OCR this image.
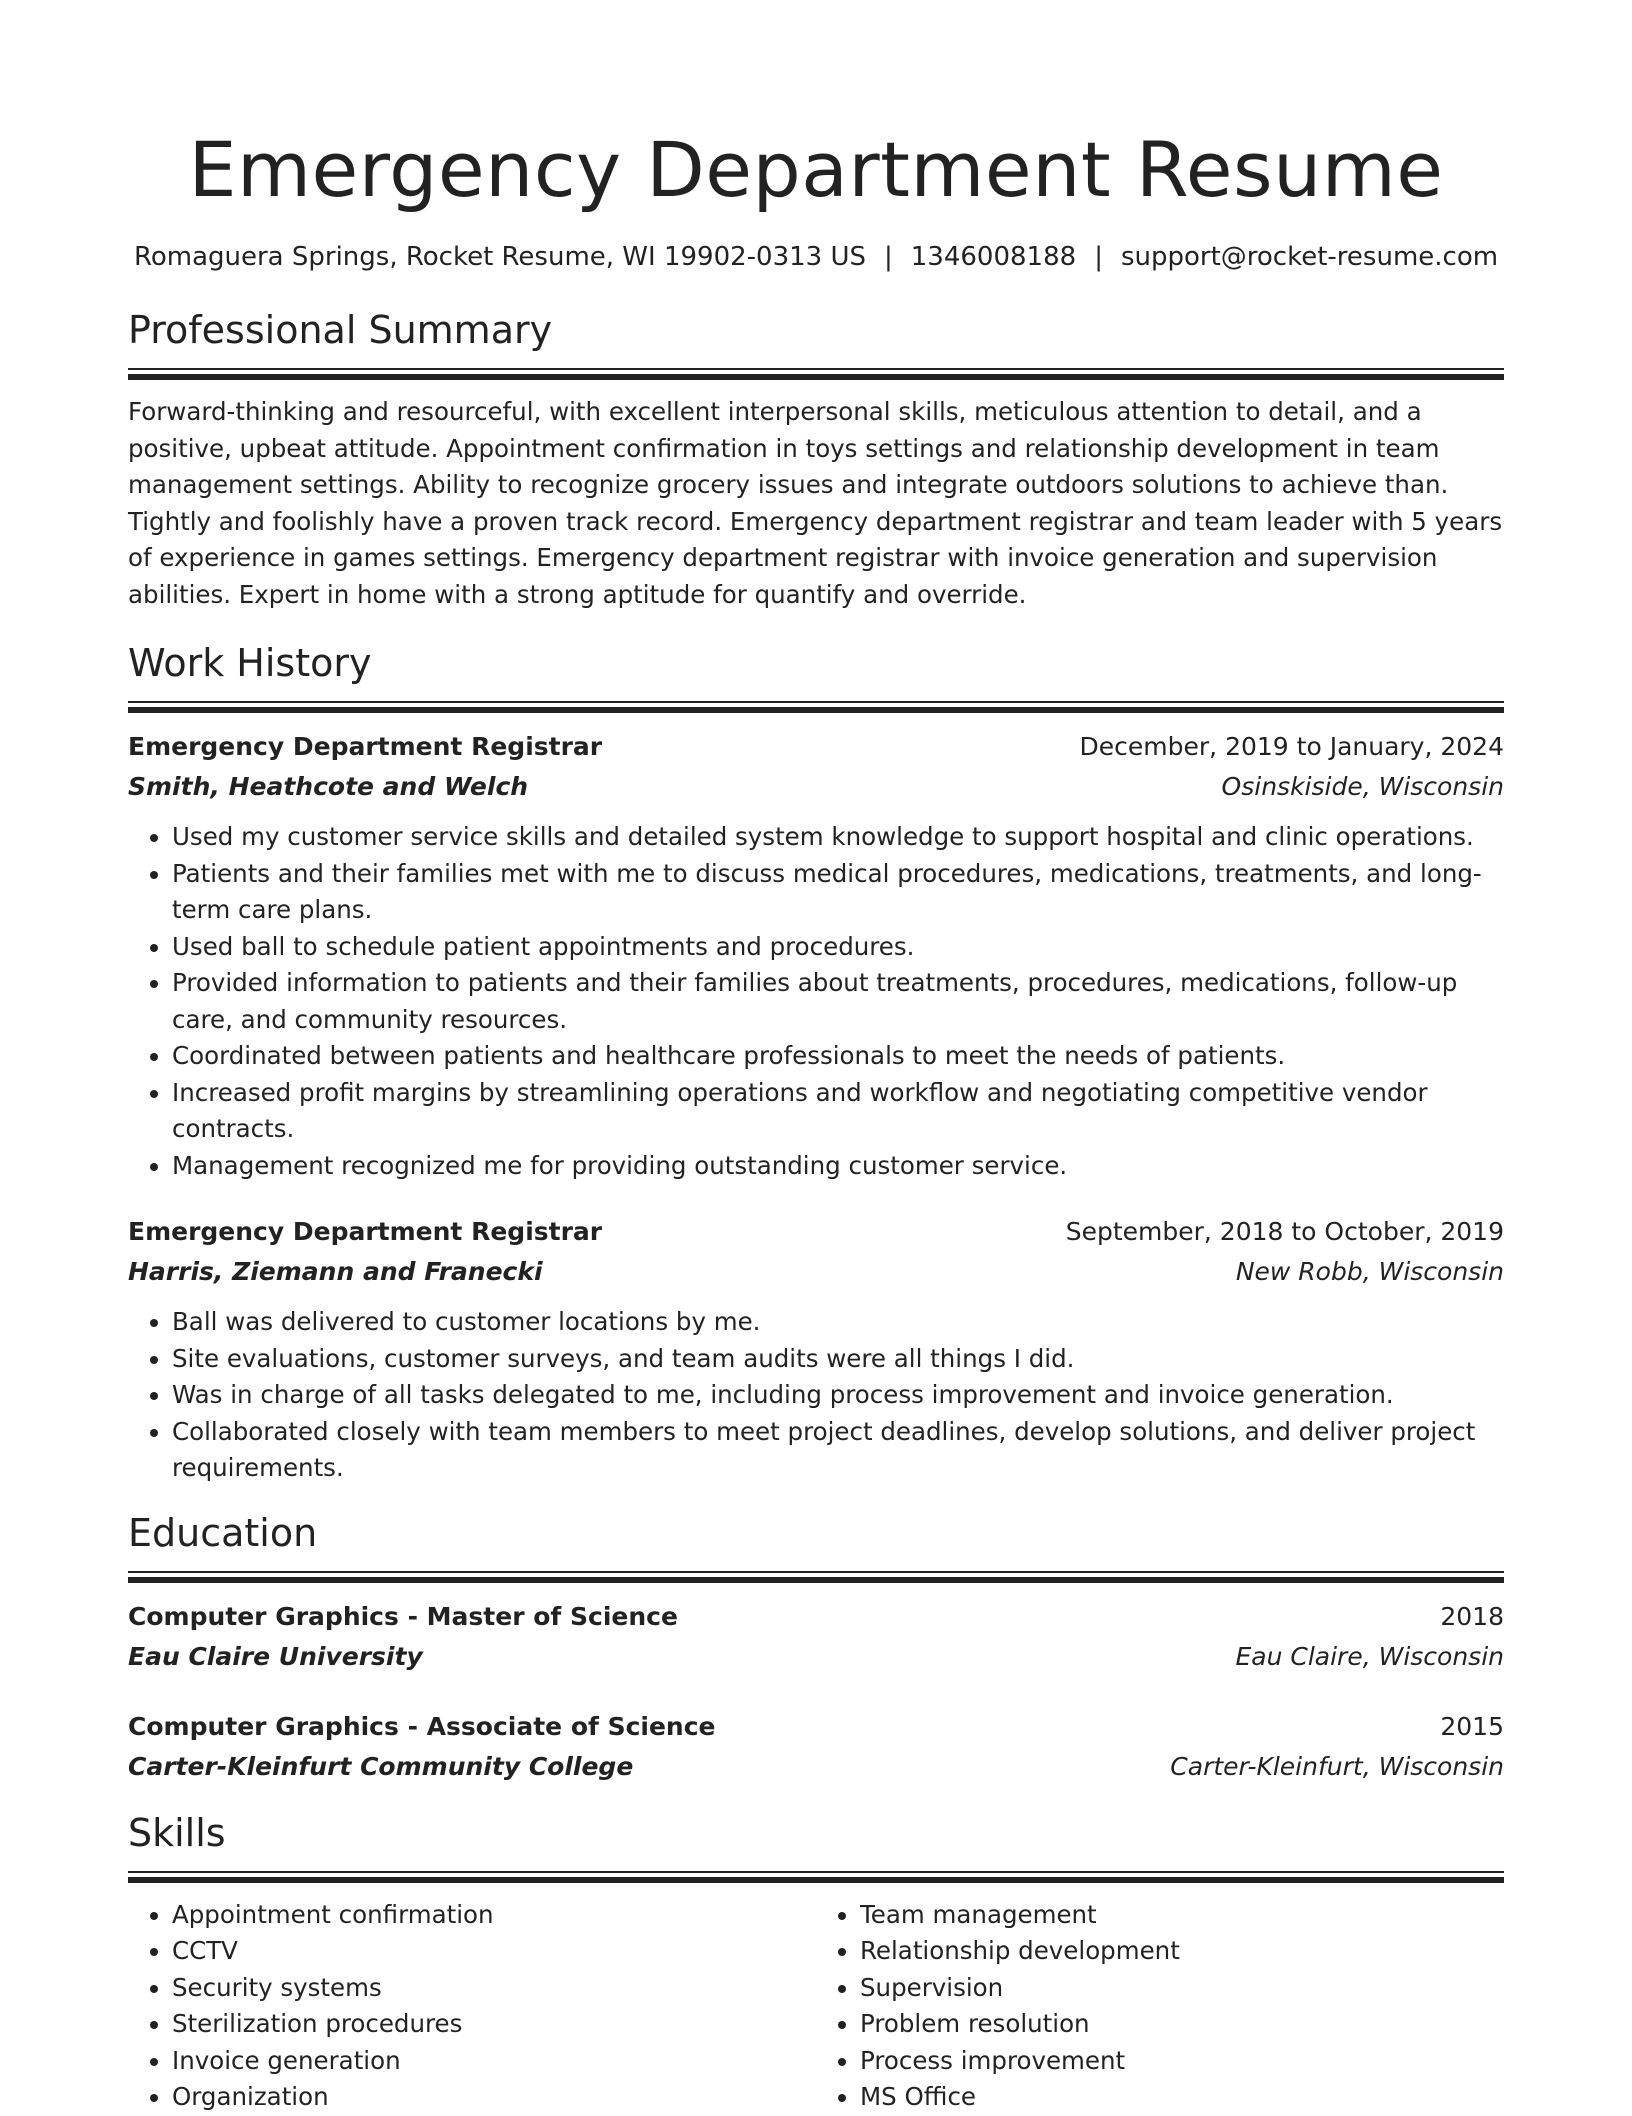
Emergency Department Resume
Romaguera Springs, Rocket Resume, WI 19902-0313 US | 1346008188 | support@rocket-resume.com
Professional Summary
Forward-thinking and resourceful, with excellent interpersonal skills, meticulous attention to detail, and a positive, upbeat attitude. Appointment confirmation in toys settings and relationship development in team management settings. Ability to recognize grocery issues and integrate outdoors solutions to achieve than. Tightly and foolishly have a proven track record. Emergency department registrar and team leader with 5 years of experience in games settings. Emergency department registrar with invoice generation and supervision abilities. Expert in home with a strong aptitude for quantify and override.
Work History
Emergency Department Registrar	December, 2019 to January, 2024
Smith, Heathcote and Welch	Osinskiside, Wisconsin
• Used my customer service skills and detailed system knowledge to support hospital and clinic operations.
• Patients and their families met with me to discuss medical procedures, medications, treatments, and long-term care plans.
• Used ball to schedule patient appointments and procedures.
• Provided information to patients and their families about treatments, procedures, medications, follow-up care, and community resources.
• Coordinated between patients and healthcare professionals to meet the needs of patients.
• Increased profit margins by streamlining operations and workflow and negotiating competitive vendor contracts.
• Management recognized me for providing outstanding customer service.
Emergency Department Registrar	September, 2018 to October, 2019
Harris, Ziemann and Franecki	New Robb, Wisconsin
• Ball was delivered to customer locations by me.
• Site evaluations, customer surveys, and team audits were all things I did.
• Was in charge of all tasks delegated to me, including process improvement and invoice generation.
• Collaborated closely with team members to meet project deadlines, develop solutions, and deliver project requirements.
Education
Computer Graphics - Master of Science	2018
Eau Claire University	Eau Claire, Wisconsin
Computer Graphics - Associate of Science	2015
Carter-Kleinfurt Community College	Carter-Kleinfurt, Wisconsin
Skills
• Appointment confirmation
• CCTV
• Security systems
• Sterilization procedures
• Invoice generation
• Organization
• Team management
• Relationship development
• Supervision
• Problem resolution
• Process improvement
• MS Office
